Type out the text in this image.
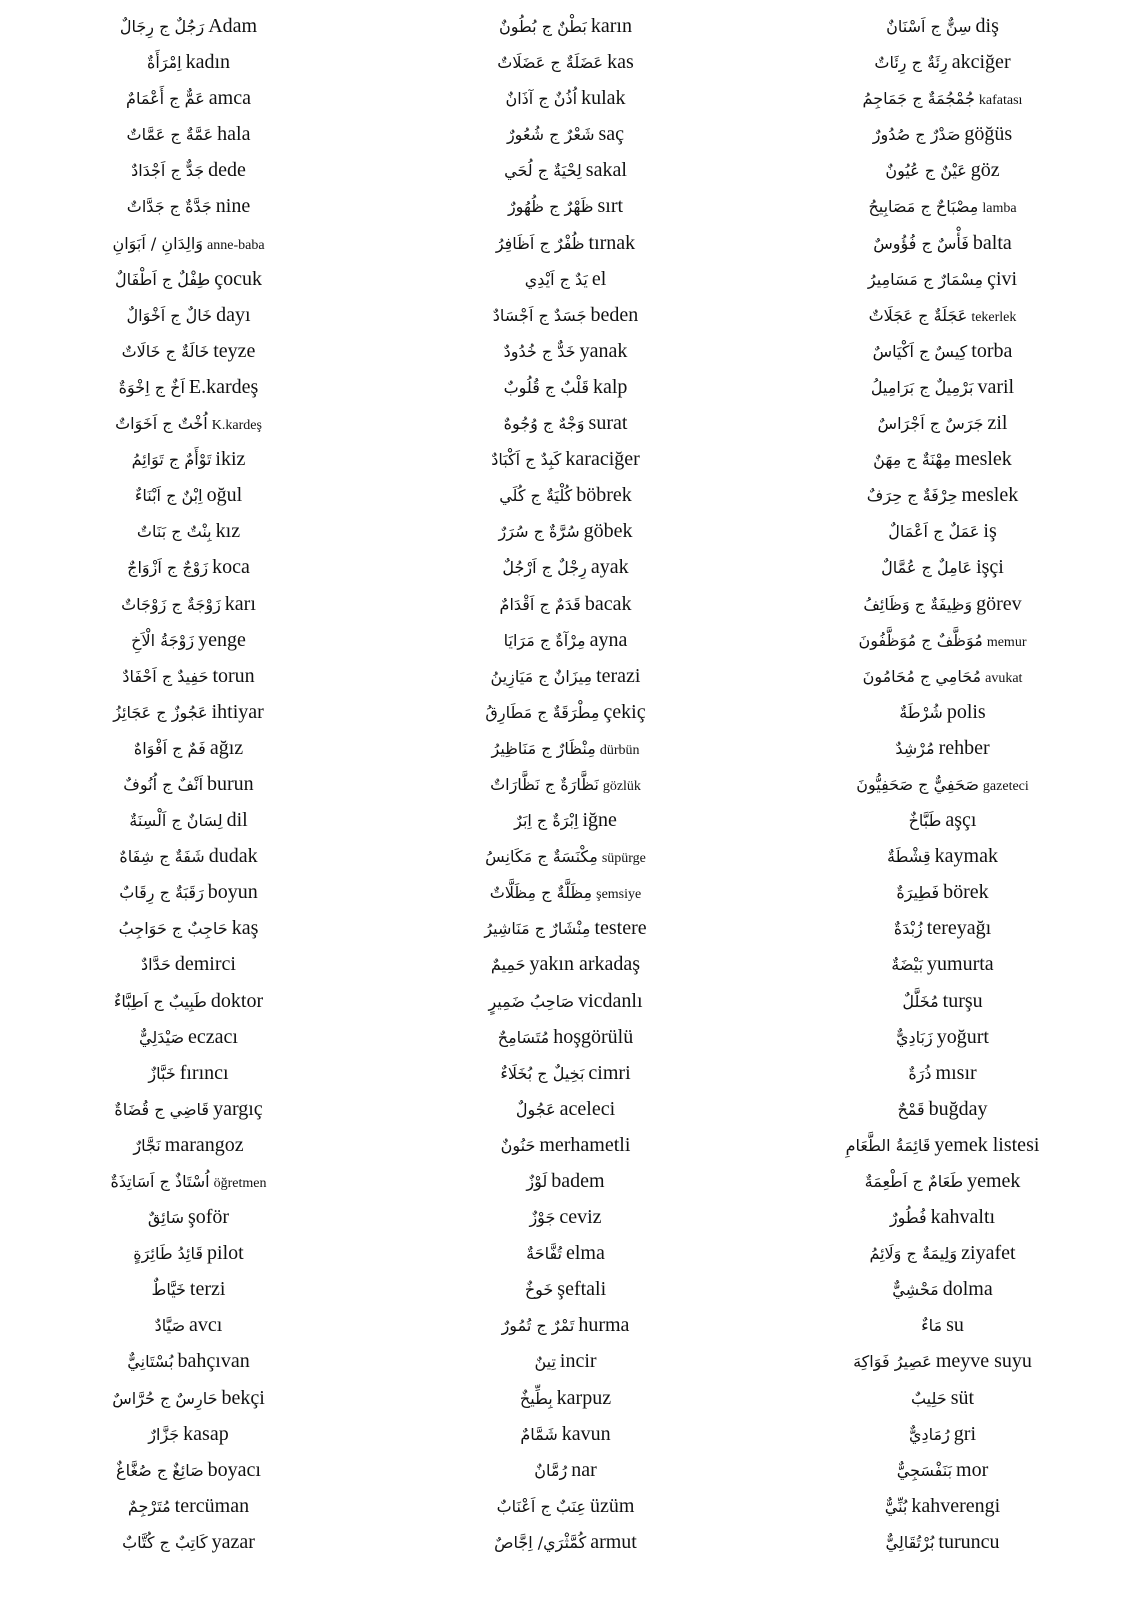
رَجُلٌ ج رِجَالٌ Adam
اِمْرَأَةٌ kadın
عَمٌّ ج أَعْمَامٌ amca
عَمَّةٌ ج عَمَّاتٌ hala
جَدٌّ ج اَجْدَادٌ dede
جَدَّةٌ ج جَدَّاتٌ nine
وَالِدَانِ / اَبَوَانِ anne-baba
طِفْلٌ ج اَطْفَالٌ çocuk
خَالٌ ج اَخْوَالٌ dayı
خَالَةٌ ج خَالَاتٌ teyze
اَخٌ ج اِخْوَةٌ E.kardeş
اُخْتٌ ج اَخَوَاتٌ K.kardeş
تَوْأَمٌ ج تَوَائِمُ ikiz
اِبْنٌ ج اَبْنَاءٌ oğul
بِنْتٌ ج بَنَاتٌ kız
زَوْجٌ ج اَزْوَاجٌ koca
زَوْجَةٌ ج زَوْجَاتٌ karı
زَوْجَةُ الْاَخِ yenge
حَفِيدٌ ج اَحْفَادٌ torun
عَجُوزٌ ج عَجَائِزُ ihtiyar
فَمٌ ج اَفْوَاهٌ ağız
اَنْفٌ ج اُنُوفٌ burun
لِسَانٌ ج اَلْسِنَةٌ dil
شَفَةٌ ج شِفَاهٌ dudak
رَقَبَةٌ ج رِقَابٌ boyun
حَاجِبٌ ج حَوَاجِبُ kaş
حَدَّادٌ demirci
طَبِيبٌ ج اَطِبَّاءٌ doktor
صَيْدَلِيٌّ eczacı
خَبَّازٌ fırıncı
قَاضِي ج قُضَاةٌ yargıç
نَجَّارٌ marangoz
اُسْتَاذٌ ج اَسَاتِذَةٌ öğretmen
سَائِقٌ şoför
قَائِدُ طَائِرَةٍ pilot
خَيَّاطٌ terzi
صَيَّادٌ avcı
بُسْتَانِيٌّ bahçıvan
حَارِسٌ ج حُرَّاسٌ bekçi
جَزَّارٌ kasap
صَائِغٌ ج صُغَّاغٌ boyacı
مُتَرْجِمٌ tercüman
كَاتِبٌ ج كُتَّابٌ yazar
بَطْنٌ ج بُطُونٌ karın
عَضَلَةٌ ج عَضَلَاتٌ kas
اُذُنٌ ج آذَانٌ kulak
شَعْرٌ ج شُعُورٌ saç
لِحْيَةٌ ج لُحَي sakal
ظَهْرٌ ج ظُهُورٌ sırt
ظُفْرٌ ج اَظَافِرُ tırnak
يَدٌ ج اَيْدِي el
جَسَدٌ ج اَجْسَادٌ beden
خَدٌّ ج خُدُودٌ yanak
قَلْبٌ ج قُلُوبٌ kalp
وَجْهٌ ج وُجُوهٌ surat
كَبِدٌ ج اَكْبَادٌ karaciğer
كُلْيَةٌ ج كُلَي böbrek
سُرَّةٌ ج سُرَرٌ göbek
رِجْلٌ ج اَرْجُلٌ ayak
قَدَمٌ ج اَقْدَامٌ bacak
مِرْآةٌ ج مَرَايَا ayna
مِيزَانٌ ج مَيَازِينُ terazi
مِطْرَقَةٌ ج مَطَارِقُ çekiç
مِنْظَارٌ ج مَنَاظِيرُ dürbün
نَظَّارَةٌ ج نَظَّارَاتٌ gözlük
اِبْرَةٌ ج اِبَرٌ iğne
مِكْنَسَةٌ ج مَكَانِسُ süpürge
مِظَلَّةٌ ج مِظَلَّاتٌ şemsiye
مِنْشَارٌ ج مَنَاشِيرُ testere
حَمِيمٌ yakın arkadaş
صَاحِبُ ضَمِيرٍ vicdanlı
مُتَسَامِحٌ hoşgörülü
بَخِيلٌ ج بُخَلَاءٌ cimri
عَجُولٌ aceleci
حَنُونٌ merhametli
لَوْزٌ badem
جَوْزٌ ceviz
تُفَّاحَةٌ elma
خَوخٌ şeftali
تَمْرٌ ج تُمُورٌ hurma
تِينٌ incir
بِطِّيخٌ karpuz
شَمَّامٌ kavun
رُمَّانٌ nar
عِنَبٌ ج اَعْنَابٌ üzüm
كُمَّثْرَي/ اِجَّاصٌ armut
سِنٌّ ج اَسْنَانٌ diş
رِئَةٌ ج رِئَاتٌ akciğer
جُمْجُمَةٌ ج جَمَاجِمُ kafatası
صَدْرٌ ج صُدُورٌ göğüs
عَيْنٌ ج عُيُونٌ göz
مِصْبَاحٌ ج مَصَابِيحُ lamba
فَأْسٌ ج فُؤُوسٌ balta
مِسْمَارٌ ج مَسَامِيرُ çivi
عَجَلَةٌ ج عَجَلَاتٌ tekerlek
كِيسٌ ج اَكْيَاسٌ torba
بَرْمِيلٌ ج بَرَامِيلُ varil
جَرَسٌ ج اَجْرَاسٌ zil
مِهْنَةٌ ج مِهَنٌ meslek
حِرْفَةٌ ج حِرَفٌ meslek
عَمَلٌ ج اَعْمَالٌ iş
عَامِلٌ ج عُمَّالٌ işçi
وَظِيفَةٌ ج وَظَائِفُ görev
مُوَظَّفٌ ج مُوَظَّفُونَ memur
مُحَامِي ج مُحَامُونَ avukat
شُرْطَةٌ polis
مُرْشِدٌ rehber
صَحَفِيٌّ ج صَحَفِيُّونَ gazeteci
طَبَّاخٌ aşçı
قِشْطَةٌ kaymak
فَطِيرَةٌ börek
زُبْدَةٌ tereyağı
بَيْضَةٌ yumurta
مُخَلَّلٌ turşu
زَبَادِيٌّ yoğurt
ذُرَةٌ mısır
قَمْحٌ buğday
قَائِمَةُ الطَّعَامِ yemek listesi
طَعَامٌ ج اَطْعِمَةٌ yemek
فُطُورٌ kahvaltı
وَلِيمَةٌ ج وَلَائِمُ ziyafet
مَحْشِيٌّ dolma
مَاءٌ su
عَصِيرُ فَوَاكِهَ meyve suyu
حَلِيبٌ süt
رُمَادِيٌّ gri
بَنَفْسَجِيٌّ mor
بُنِّيٌّ kahverengi
بُرْتُقَالِيٌّ turuncu
